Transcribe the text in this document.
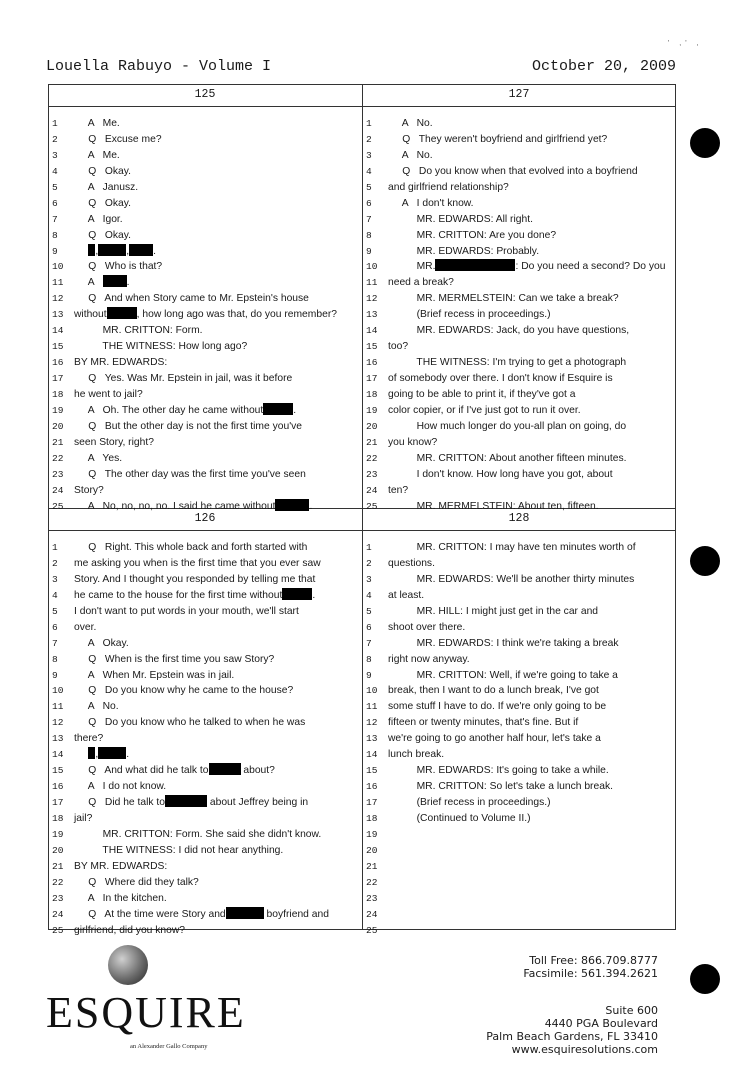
' ,' ,
Louella Rabuyo - Volume I	October 20, 2009
125
1	A   Me.
2	Q   Excuse me?
3	A   Me.
4	Q   Okay.
5	A   Janusz.
6	Q   Okay.
7	A   Igor.
8	Q   Okay.
9	,	, .
10 Q   Who is that?
11 A   .
12 Q   And when Story came to Mr. Epstein's house
13 without	, how long ago was that, do you remember?
14 MR. CRITTON: Form.
15 THE WITNESS: How long ago?
16 BY MR. EDWARDS:
17 Q   Yes. Was Mr. Epstein in jail, was it before
18 he went to jail?
19 A   Oh. The other day he came without	.
20 Q   But the other day is not the first time you've
21 seen Story, right?
22 A   Yes.
23 Q   The other day was the first time you've seen
24 Story?
25 A   No, no, no, no. I said he came without	.
127
1	A   No.
2	Q   They weren't boyfriend and girlfriend yet?
3	A   No.
4	Q   Do you know when that evolved into a boyfriend
5	and girlfriend relationship?
6	A   I don't know.
7	MR. EDWARDS: All right.
8	MR. CRITTON: Are you done?
9	MR. EDWARDS: Probably.
10 MR.	: Do you need a second? Do you
11 need a break?
12 MR. MERMELSTEIN: Can we take a break?
13 (Brief recess in proceedings.)
14 MR. EDWARDS: Jack, do you have questions,
15 too?
16 THE WITNESS: I'm trying to get a photograph
17 of somebody over there. I don't know if Esquire is
18 going to be able to print it, if they've got a
19 color copier, or if I've just got to run it over.
20 How much longer do you-all plan on going, do
21 you know?
22 MR. CRITTON: About another fifteen minutes.
23 I don't know. How long have you got, about
24 ten?
25 MR. MERMELSTEIN: About ten, fifteen.
126
1	Q   Right. This whole back and forth started with
2	me asking you when is the first time that you ever saw
3	Story. And I thought you responded by telling me that
4	he came to the house for the first time without	.
5	I don't want to put words in your mouth, we'll start
6	over.
7	A   Okay.
8	Q   When is the first time you saw Story?
9	A   When Mr. Epstein was in jail.
10 Q   Do you know why he came to the house?
11 A   No.
12 Q   Do you know who he talked to when he was
13 there?
14	,	.
15 Q   And what did he talk to	about?
16 A   I do not know.
17 Q   Did he talk to	about Jeffrey being in
18 jail?
19 MR. CRITTON: Form. She said she didn't know.
20 THE WITNESS: I did not hear anything.
21 BY MR. EDWARDS:
22 Q   Where did they talk?
23 A   In the kitchen.
24 Q   At the time were Story and	boyfriend and
25 girlfriend, did you know?
128
1	MR. CRITTON: I may have ten minutes worth of
2	questions.
3	MR. EDWARDS: We'll be another thirty minutes
4	at least.
5	MR. HILL: I might just get in the car and
6	shoot over there.
7	MR. EDWARDS: I think we're taking a break
8	right now anyway.
9	MR. CRITTON: Well, if we're going to take a
10 break, then I want to do a lunch break, I've got
11 some stuff I have to do. If we're only going to be
12 fifteen or twenty minutes, that's fine. But if
13 we're going to go another half hour, let's take a
14 lunch break.
15 MR. EDWARDS: It's going to take a while.
16 MR. CRITTON: So let's take a lunch break.
17 (Brief recess in proceedings.)
18 (Continued to Volume II.)
19
20
21
22
23
24
25
ESQUIRE
an Alexander Gallo Company
Toll Free: 866.709.8777
Facsimile: 561.394.2621
Suite 600
4440 PGA Boulevard
Palm Beach Gardens, FL 33410
www.esquiresolutions.com
